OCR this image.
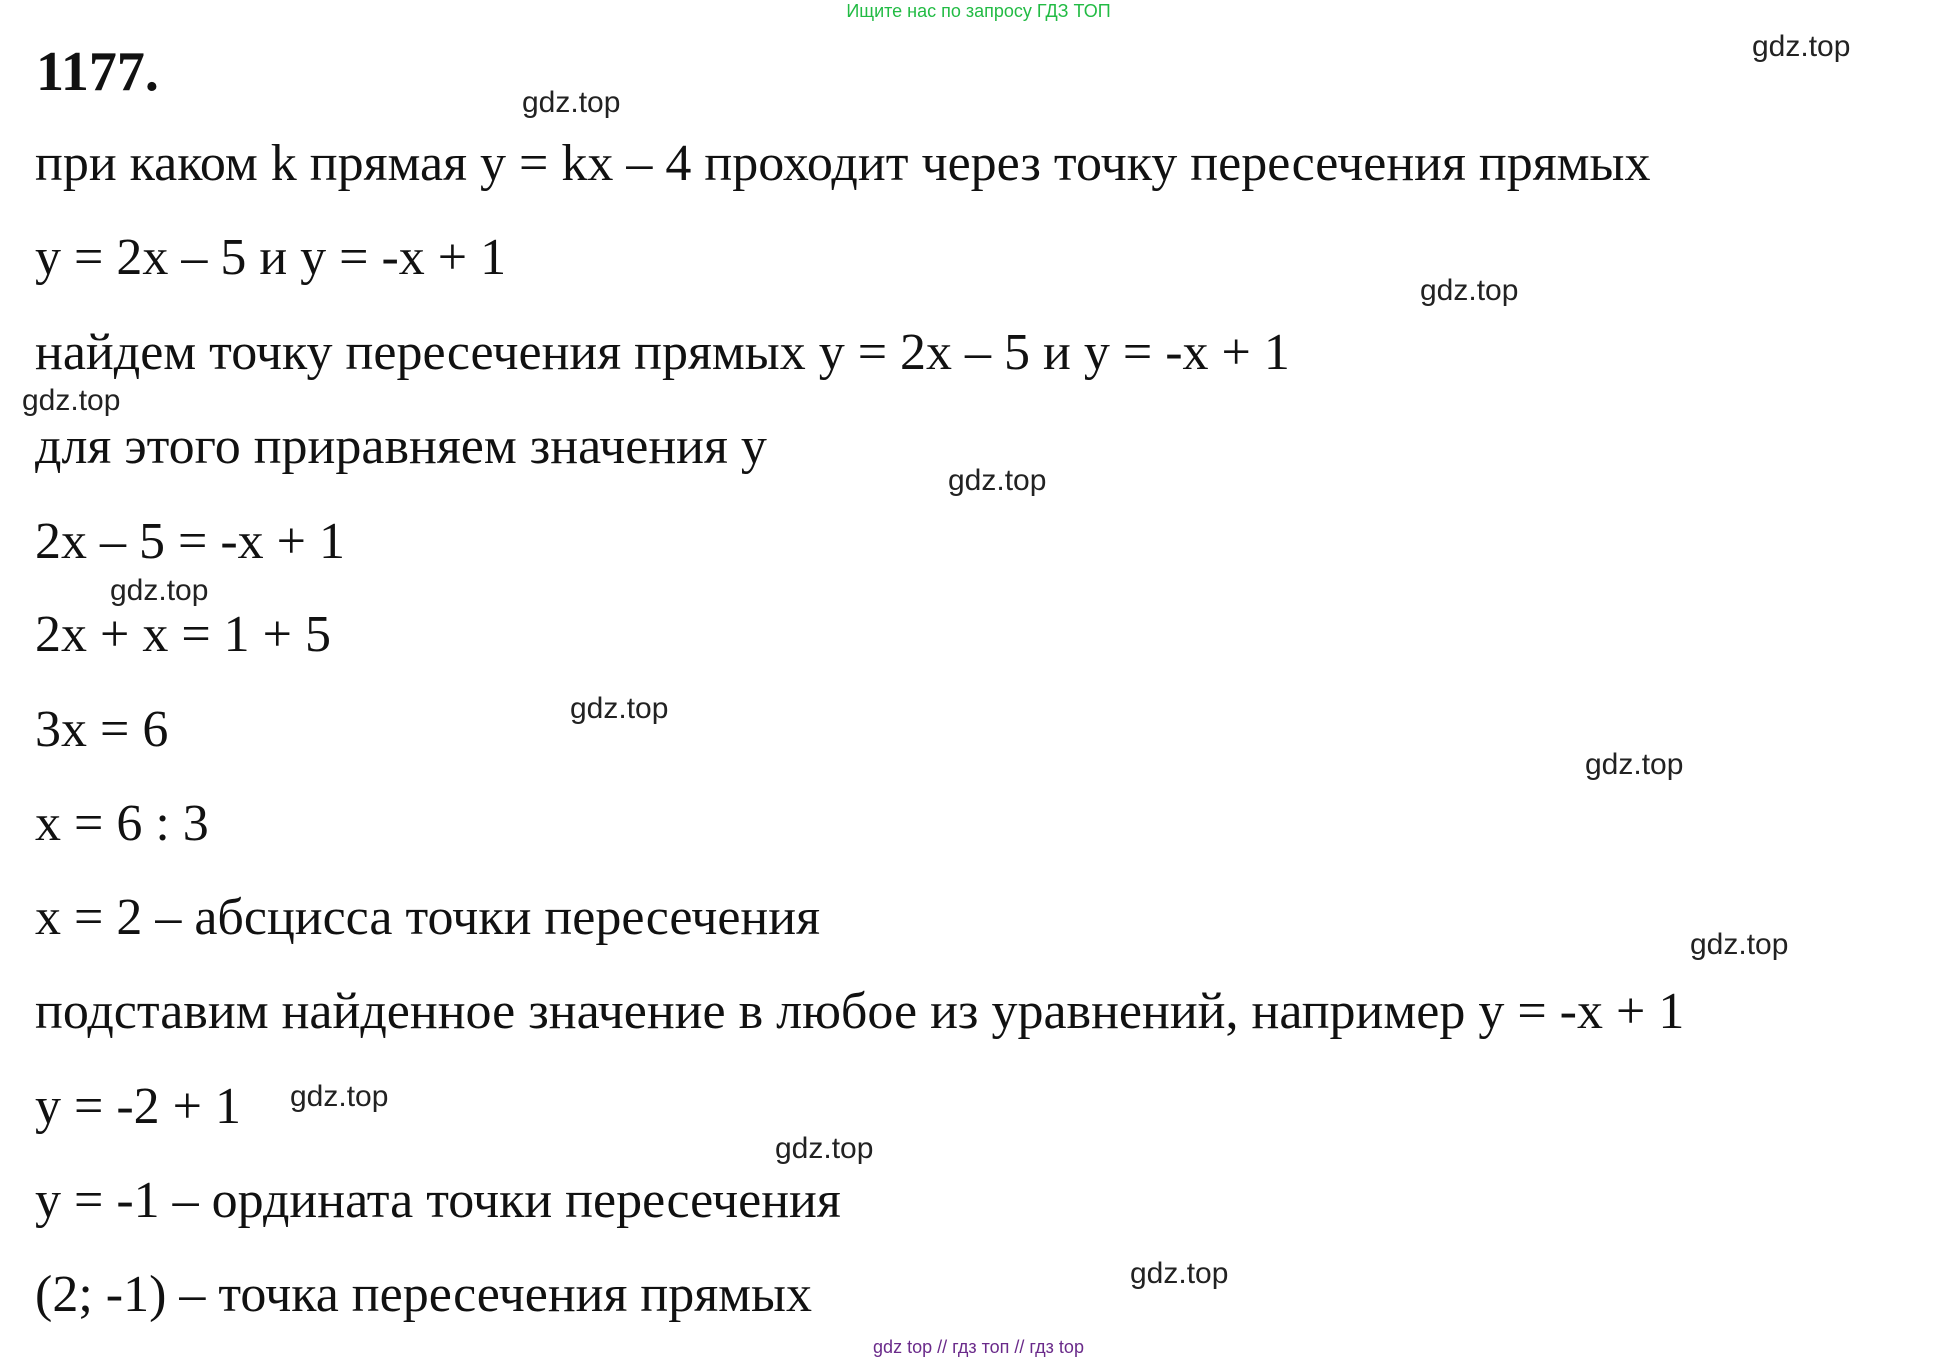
Ищите нас по запросу ГДЗ ТОП
1177.
при каком k прямая y = kx – 4 проходит через точку пересечения прямых
y = 2x – 5 и y = -x + 1
найдем точку пересечения прямых y = 2x – 5 и y = -x + 1
для этого приравняем значения y
2x – 5 = -x + 1
2x + x = 1 + 5
3x = 6
x = 6 : 3
x = 2 – абсцисса точки пересечения
подставим найденное значение в любое из уравнений, например y = -x + 1
y = -2 + 1
y = -1 – ордината точки пересечения
(2; -1) – точка пересечения прямых
gdz.top
gdz.top
gdz.top
gdz.top
gdz.top
gdz.top
gdz.top
gdz.top
gdz.top
gdz.top
gdz.top
gdz.top
gdz top // гдз топ // гдз top
